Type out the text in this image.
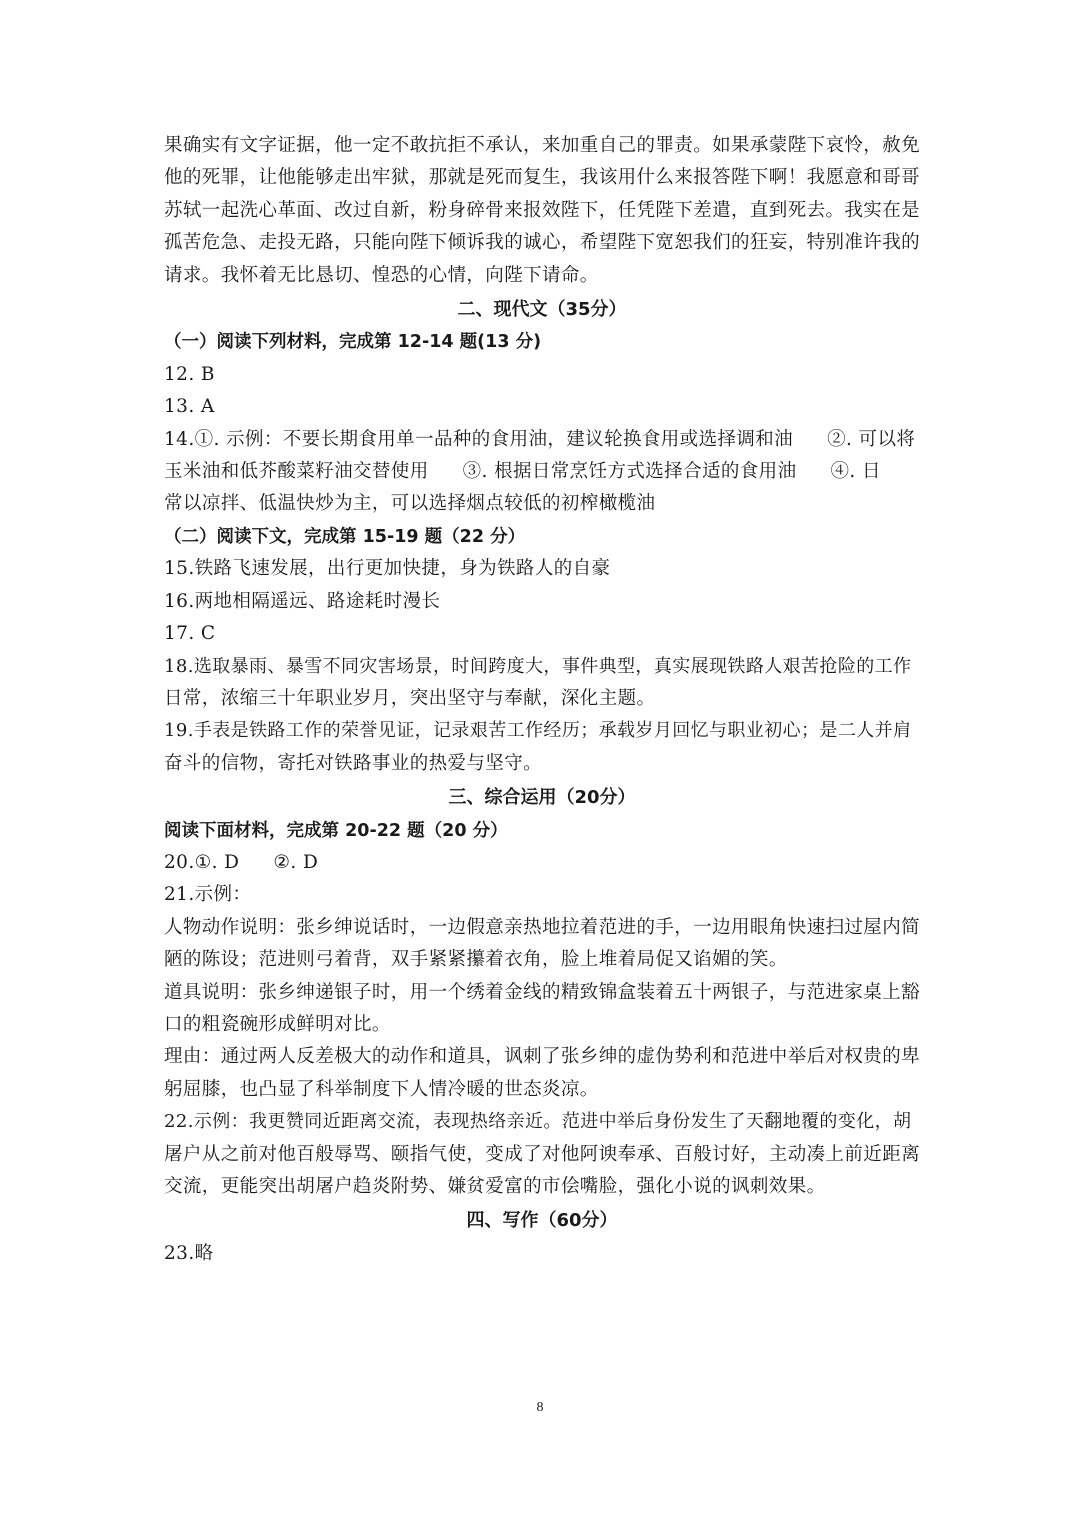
果确实有文字证据，他一定不敢抗拒不承认，来加重自己的罪责。如果承蒙陛下哀怜，赦免
他的死罪，让他能够走出牢狱，那就是死而复生，我该用什么来报答陛下啊！我愿意和哥哥
苏轼一起洗心革面、改过自新，粉身碎骨来报效陛下，任凭陛下差遣，直到死去。我实在是
孤苦危急、走投无路，只能向陛下倾诉我的诚心，希望陛下宽恕我们的狂妄，特别准许我的
请求。我怀着无比恳切、惶恐的心情，向陛下请命。
二、现代文（35分）
（一）阅读下列材料，完成第 12-14 题(13 分)
12. B
13. A
14.①. 示例：不要长期食用单一品种的食用油，建议轮换食用或选择调和油 ②. 可以将
玉米油和低芥酸菜籽油交替使用 ③. 根据日常烹饪方式选择合适的食用油 ④. 日
常以凉拌、低温快炒为主，可以选择烟点较低的初榨橄榄油
（二）阅读下文，完成第 15-19 题（22 分）
15.铁路飞速发展，出行更加快捷，身为铁路人的自豪
16.两地相隔遥远、路途耗时漫长
17. C
18.选取暴雨、暴雪不同灾害场景，时间跨度大，事件典型，真实展现铁路人艰苦抢险的工作
日常，浓缩三十年职业岁月，突出坚守与奉献，深化主题。
19.手表是铁路工作的荣誉见证，记录艰苦工作经历；承载岁月回忆与职业初心；是二人并肩
奋斗的信物，寄托对铁路事业的热爱与坚守。
三、综合运用（20分）
阅读下面材料，完成第 20-22 题（20 分）
20.①. D ②. D
21.示例：
人物动作说明：张乡绅说话时，一边假意亲热地拉着范进的手，一边用眼角快速扫过屋内简
陋的陈设；范进则弓着背，双手紧紧攥着衣角，脸上堆着局促又谄媚的笑。
道具说明：张乡绅递银子时，用一个绣着金线的精致锦盒装着五十两银子，与范进家桌上豁
口的粗瓷碗形成鲜明对比。
理由：通过两人反差极大的动作和道具，讽刺了张乡绅的虚伪势利和范进中举后对权贵的卑
躬屈膝，也凸显了科举制度下人情冷暖的世态炎凉。
22.示例：我更赞同近距离交流，表现热络亲近。范进中举后身份发生了天翻地覆的变化，胡
屠户从之前对他百般辱骂、颐指气使，变成了对他阿谀奉承、百般讨好，主动凑上前近距离
交流，更能突出胡屠户趋炎附势、嫌贫爱富的市侩嘴脸，强化小说的讽刺效果。
四、写作（60分）
23.略
8
